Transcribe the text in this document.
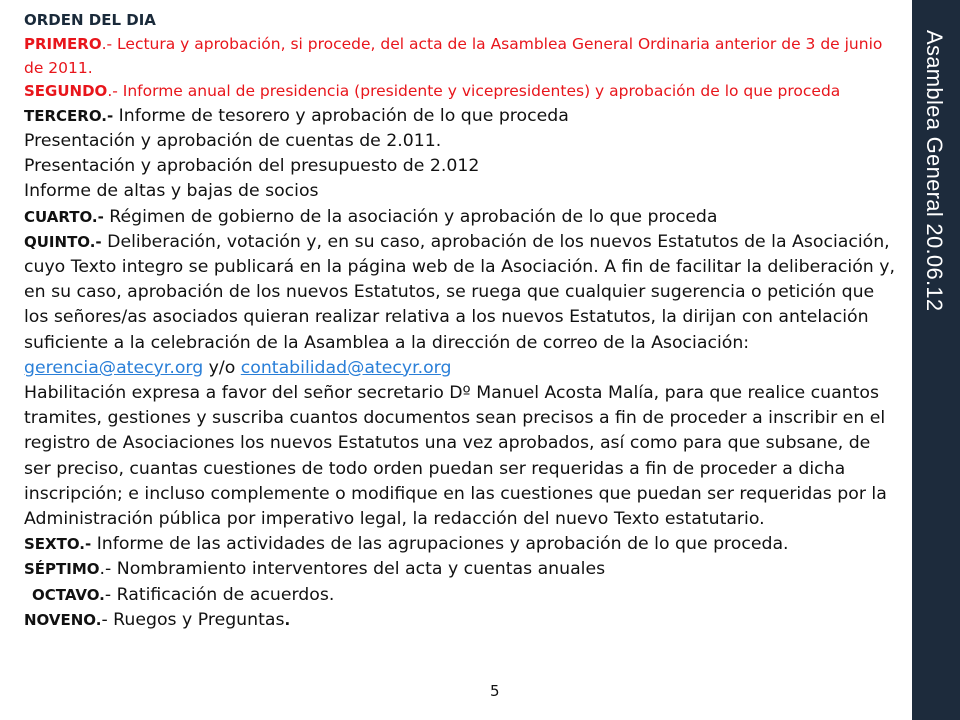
ORDEN DEL DIA

PRIMERO.- Lectura y aprobación, si procede, del acta de la Asamblea General Ordinaria anterior de 3 de junio de 2011.

SEGUNDO.- Informe anual de presidencia (presidente y vicepresidentes) y aprobación de lo que proceda

TERCERO.- Informe de tesorero y aprobación de lo que proceda

Presentación y aprobación de cuentas de 2.011.

Presentación y aprobación del presupuesto de 2.012

Informe de altas y bajas de socios

CUARTO.- Régimen de gobierno de la asociación y aprobación de lo que proceda

QUINTO.- Deliberación, votación y, en su caso, aprobación de los nuevos Estatutos de la Asociación, cuyo Texto integro se publicará en la página web de la Asociación. A fin de facilitar la deliberación y, en su caso, aprobación de los nuevos Estatutos, se ruega que cualquier sugerencia o petición que los señores/as asociados quieran realizar relativa a los nuevos Estatutos, la dirijan con antelación suficiente a la celebración de la Asamblea a la dirección de correo de la Asociación: gerencia@atecyr.org y/o contabilidad@atecyr.org

Habilitación expresa a favor del señor secretario Dº Manuel Acosta Malía, para que realice cuantos tramites, gestiones y suscriba cuantos documentos sean precisos a fin de proceder a inscribir en el registro de Asociaciones los nuevos Estatutos una vez aprobados, así como para que subsane, de ser preciso, cuantas cuestiones de todo orden puedan ser requeridas a fin de proceder a dicha inscripción; e incluso complemente o modifique en las cuestiones que puedan ser requeridas por la Administración pública por imperativo legal, la redacción del nuevo Texto estatutario.

SEXTO.- Informe de las actividades de las agrupaciones y aprobación de lo que proceda.

SÉPTIMO.- Nombramiento interventores del acta y cuentas anuales

OCTAVO.- Ratificación de acuerdos.

NOVENO.- Ruegos y Preguntas.

5
Asamblea General 20.06.12
